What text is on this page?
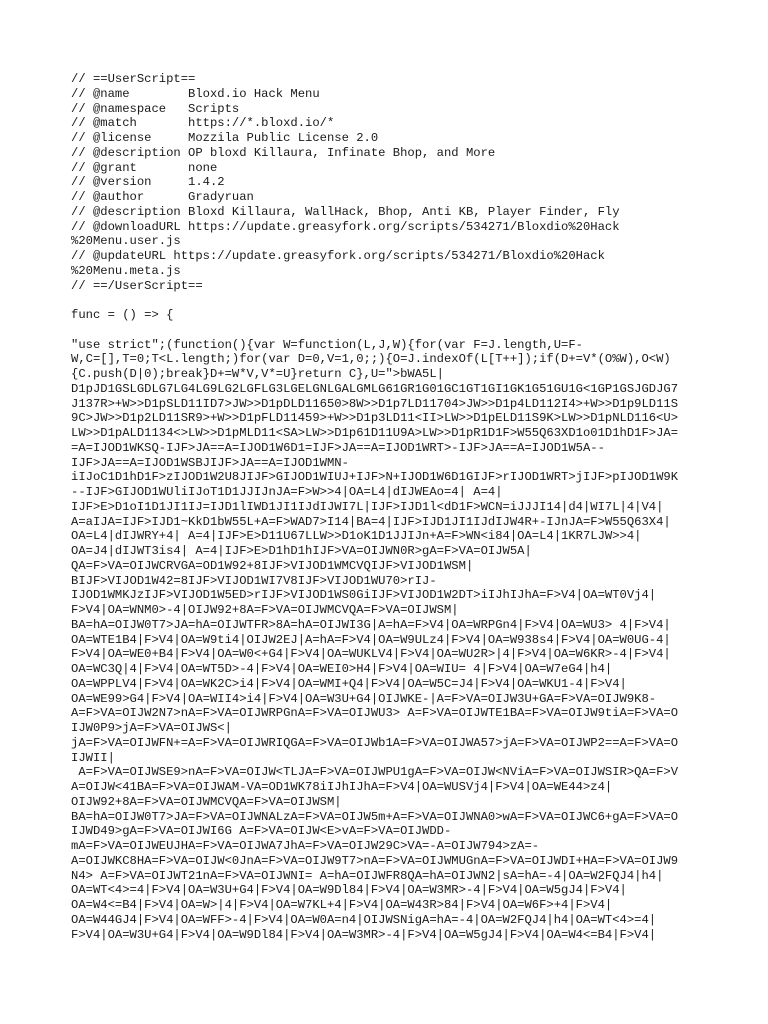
// ==UserScript==
// @name        Bloxd.io Hack Menu
// @namespace   Scripts
// @match       https://*.bloxd.io/*
// @license     Mozzila Public License 2.0
// @description OP bloxd Killaura, Infinate Bhop, and More
// @grant       none
// @version     1.4.2
// @author      Gradyruan
// @description Bloxd Killaura, WallHack, Bhop, Anti KB, Player Finder, Fly
// @downloadURL https://update.greasyfork.org/scripts/534271/Bloxdio%20Hack
%20Menu.user.js
// @updateURL https://update.greasyfork.org/scripts/534271/Bloxdio%20Hack
%20Menu.meta.js
// ==/UserScript==
func = () => {
"use strict";(function(){var W=function(L,J,W){for(var F=J.length,U=F-
W,C=[],T=0;T<L.length;)for(var D=0,V=1,0;;){O=J.indexOf(L[T++]);if(D+=V*(O%W),O<W)
{C.push(D|0);break}D+=W*V,V*=U}return C},U=">bWA5L|
D1pJD1GSLGDLG7LG4LG9LG2LGFLG3LGELGNLGALGMLG61GR1G01GC1GT1GI1GK1G51GU1G<1GP1GSJGDJG7
J137R>+W>>D1pSLD11ID7>JW>>D1pDLD11650>8W>>D1p7LD11704>JW>>D1p4LD112I4>+W>>D1p9LD11S
9C>JW>>D1p2LD11SR9>+W>>D1pFLD11459>+W>>D1p3LD11<II>LW>>D1pELD11S9K>LW>>D1pNLD116<U>
LW>>D1pALD1134<>LW>>D1pMLD11<SA>LW>>D1p61D11U9A>LW>>D1pR1D1F>W55Q63XD1o01D1hD1F>JA=
=A=IJOD1WKSQ-IJF>JA==A=IJOD1W6D1=IJF>JA==A=IJOD1WRT>-IJF>JA==A=IJOD1W5A--
IJF>JA==A=IJOD1WSBJIJF>JA==A=IJOD1WMN-
iIJoC1D1hD1F>zIJOD1W2U8JIJF>GIJOD1WIUJ+IJF>N+IJOD1W6D1GIJF>rIJOD1WRT>jIJF>pIJOD1W9K
--IJF>GIJOD1WUliIJoT1D1JJIJnJA=F>W>>4|OA=L4|dIJWEAo=4| A=4|
IJF>E>D1oI1D1JI1IJ=IJD1lIWD1JI1IJdIJWI7L|IJF>IJD1l<dD1F>WCN=iJJJI14|d4|WI7L|4|V4|
A=aIJA=IJF>IJD1~KkD1bW55L+A=F>WAD7>I14|BA=4|IJF>IJD1JI1IJdIJW4R+-IJnJA=F>W55Q63X4|
OA=L4|dIJWRY+4| A=4|IJF>E>D11U67LLW>>D1oK1D1JJIJn+A=F>WN<i84|OA=L4|1KR7LJW>>4|
OA=J4|dIJWT3is4| A=4|IJF>E>D1hD1hIJF>VA=OIJWN0R>gA=F>VA=OIJW5A|
QA=F>VA=OIJWCRVGA=OD1W92+8IJF>VIJOD1WMCVQIJF>VIJOD1WSM|
BIJF>VIJOD1W42=8IJF>VIJOD1WI7V8IJF>VIJOD1WU70>rIJ-
IJOD1WMKJzIJF>VIJOD1W5ED>rIJF>VIJOD1WS0GiIJF>VIJOD1W2DT>iIJhIJhA=F>V4|OA=WT0Vj4|
F>V4|OA=WNM0>-4|OIJW92+8A=F>VA=OIJWMCVQA=F>VA=OIJWSM|
BA=hA=OIJW0T7>JA=hA=OIJWTFR>8A=hA=OIJWI3G|A=hA=F>V4|OA=WRPGn4|F>V4|OA=WU3> 4|F>V4|
OA=WTE1B4|F>V4|OA=W9ti4|OIJW2EJ|A=hA=F>V4|OA=W9ULz4|F>V4|OA=W938s4|F>V4|OA=W0UG-4|
F>V4|OA=WE0+B4|F>V4|OA=W0<+G4|F>V4|OA=WUKLV4|F>V4|OA=WU2R>|4|F>V4|OA=W6KR>-4|F>V4|
OA=WC3Q|4|F>V4|OA=WT5D>-4|F>V4|OA=WEI0>H4|F>V4|OA=WIU= 4|F>V4|OA=W7eG4|h4|
OA=WPPLV4|F>V4|OA=WK2C>i4|F>V4|OA=WMI+Q4|F>V4|OA=W5C=J4|F>V4|OA=WKU1-4|F>V4|
OA=WE99>G4|F>V4|OA=WII4>i4|F>V4|OA=W3U+G4|OIJWKE-|A=F>VA=OIJW3U+GA=F>VA=OIJW9K8-
A=F>VA=OIJW2N7>nA=F>VA=OIJWRPGnA=F>VA=OIJWU3> A=F>VA=OIJWTE1BA=F>VA=OIJW9tiA=F>VA=O
IJW0P9>jA=F>VA=OIJWS<|
jA=F>VA=OIJWFN+=A=F>VA=OIJWRIQGA=F>VA=OIJWb1A=F>VA=OIJWA57>jA=F>VA=OIJWP2==A=F>VA=O
IJWII|
A=F>VA=OIJWSE9>nA=F>VA=OIJW<TLJA=F>VA=OIJWPU1gA=F>VA=OIJW<NViA=F>VA=OIJWSIR>QA=F>V
A=OIJW<41BA=F>VA=OIJWAM-VA=OD1WK78iIJhIJhA=F>V4|OA=WUSVj4|F>V4|OA=WE44>z4|
OIJW92+8A=F>VA=OIJWMCVQA=F>VA=OIJWSM|
BA=hA=OIJW0T7>JA=F>VA=OIJWNALzA=F>VA=OIJW5m+A=F>VA=OIJWNA0>wA=F>VA=OIJWC6+gA=F>VA=O
IJWD49>gA=F>VA=OIJWI6G A=F>VA=OIJW<E>vA=F>VA=OIJWDD-
mA=F>VA=OIJWEUJHA=F>VA=OIJWA7JhA=F>VA=OIJW29C>VA=-A=OIJW794>zA=-
A=OIJWKC8HA=F>VA=OIJW<0JnA=F>VA=OIJW9T7>nA=F>VA=OIJWMUGnA=F>VA=OIJWDI+HA=F>VA=OIJW9
N4> A=F>VA=OIJWT21nA=F>VA=OIJWNI= A=hA=OIJWFR8QA=hA=OIJWN2|sA=hA=-4|OA=W2FQJ4|h4|
OA=WT<4>=4|F>V4|OA=W3U+G4|F>V4|OA=W9Dl84|F>V4|OA=W3MR>-4|F>V4|OA=W5gJ4|F>V4|
OA=W4<=B4|F>V4|OA=W>|4|F>V4|OA=W7KL+4|F>V4|OA=W43R>84|F>V4|OA=W6F>+4|F>V4|
OA=W44GJ4|F>V4|OA=WFF>-4|F>V4|OA=W0A=n4|OIJWSNigA=hA=-4|OA=W2FQJ4|h4|OA=WT<4>=4|
F>V4|OA=W3U+G4|F>V4|OA=W9Dl84|F>V4|OA=W3MR>-4|F>V4|OA=W5gJ4|F>V4|OA=W4<=B4|F>V4|
